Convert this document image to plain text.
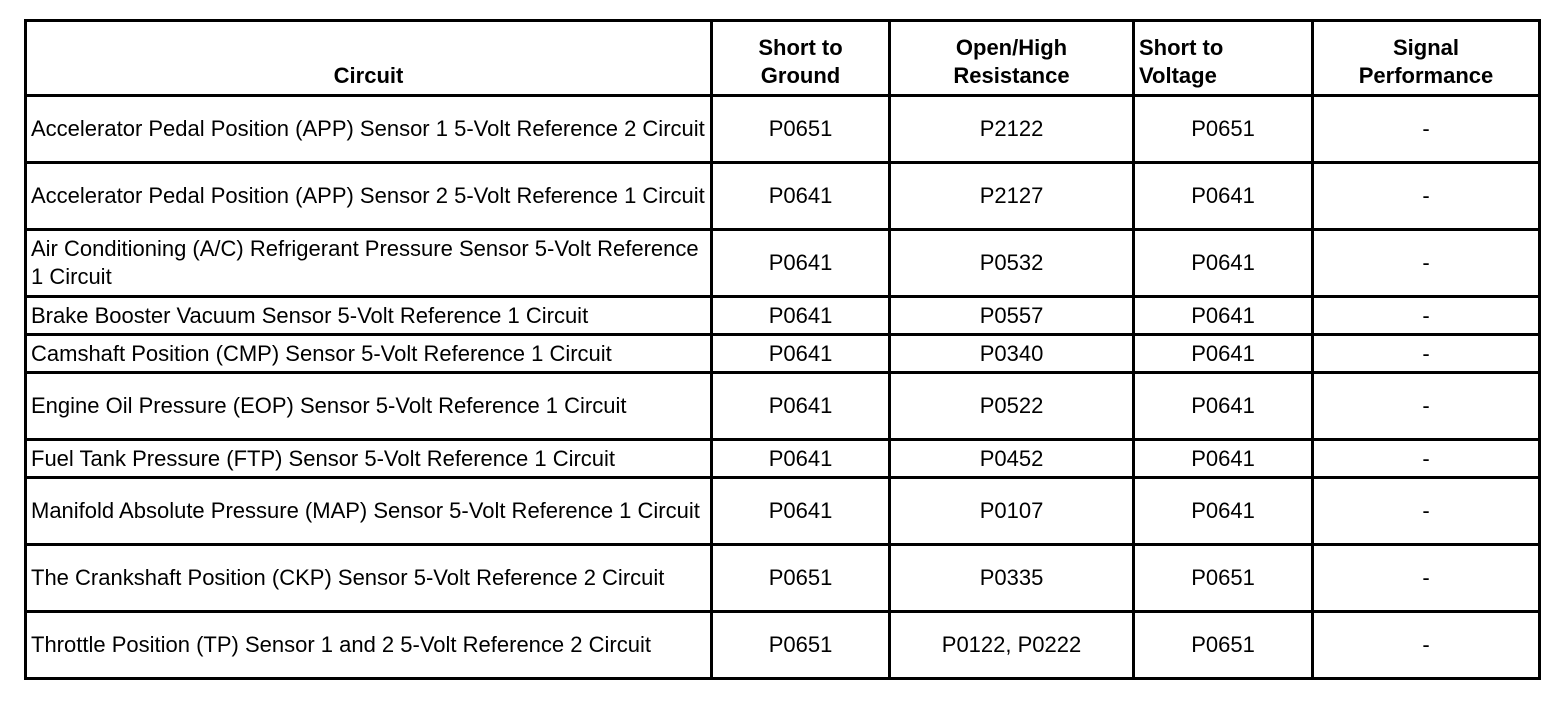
Circuit	Short to Ground	Open/High Resistance	Short to Voltage	Signal Performance
Accelerator Pedal Position (APP) Sensor 1 5-Volt Reference 2 Circuit	P0651	P2122	P0651	-
Accelerator Pedal Position (APP) Sensor 2 5-Volt Reference 1 Circuit	P0641	P2127	P0641	-
Air Conditioning (A/C) Refrigerant Pressure Sensor 5-Volt Reference 1 Circuit	P0641	P0532	P0641	-
Brake Booster Vacuum Sensor 5-Volt Reference 1 Circuit	P0641	P0557	P0641	-
Camshaft Position (CMP) Sensor 5-Volt Reference 1 Circuit	P0641	P0340	P0641	-
Engine Oil Pressure (EOP) Sensor 5-Volt Reference 1 Circuit	P0641	P0522	P0641	-
Fuel Tank Pressure (FTP) Sensor 5-Volt Reference 1 Circuit	P0641	P0452	P0641	-
Manifold Absolute Pressure (MAP) Sensor 5-Volt Reference 1 Circuit	P0641	P0107	P0641	-
The Crankshaft Position (CKP) Sensor 5-Volt Reference 2 Circuit	P0651	P0335	P0651	-
Throttle Position (TP) Sensor 1 and 2 5-Volt Reference 2 Circuit	P0651	P0122, P0222	P0651	-
